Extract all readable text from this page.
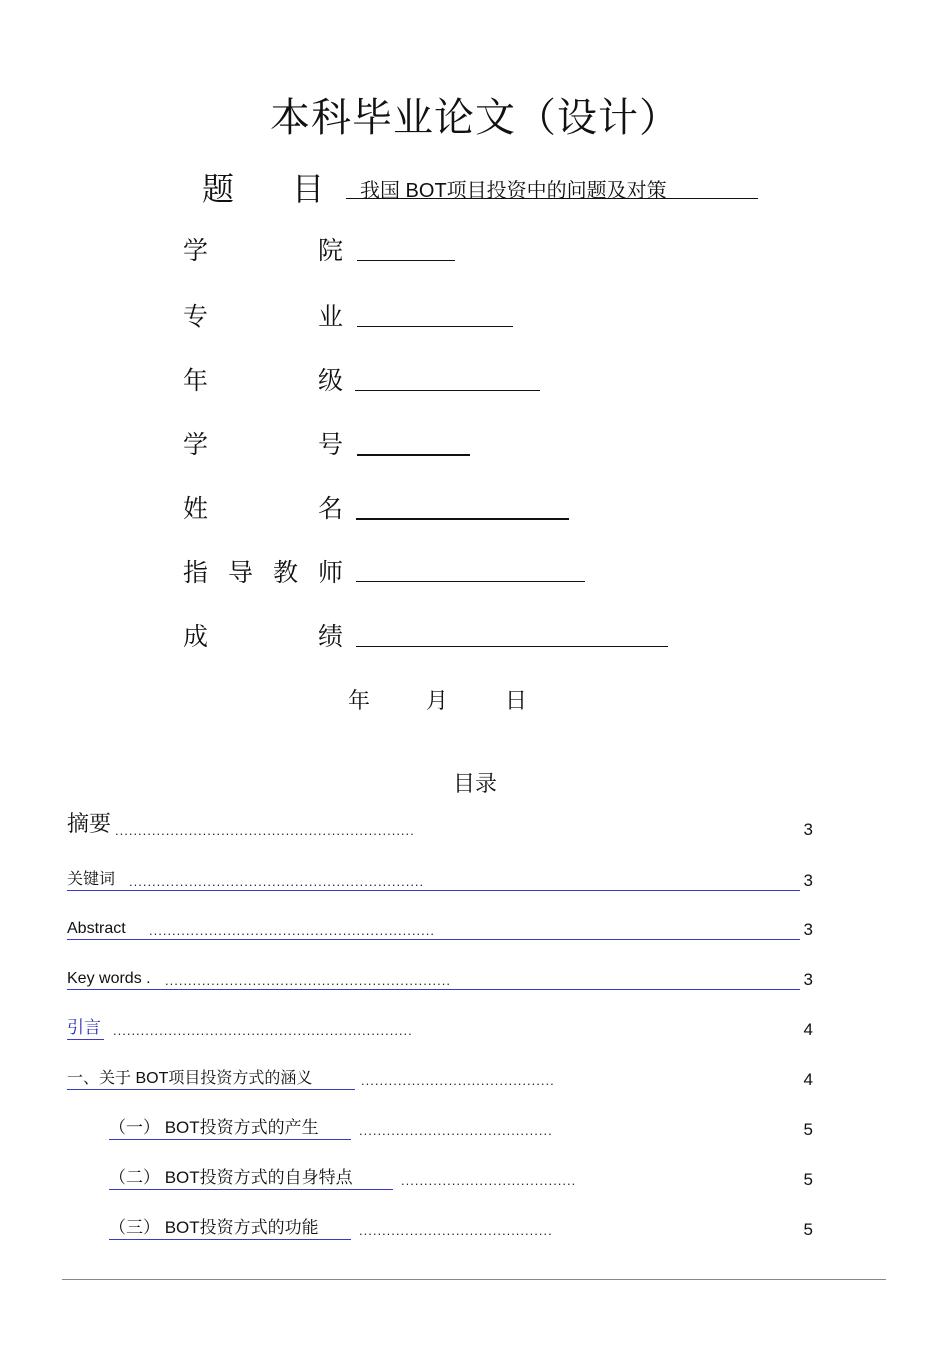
本科毕业论文（设计）
题 目	我国 BOT项目投资中的问题及对策
学	院
专	业
年	级
学	号
姓	名
指 导 教 师
成	绩
年	月	日
目录
摘要 .................................................................	3
关键词 ................................................................	3
Abstract ..............................................................	3
Key words . ..............................................................	3
引言 .................................................................	4
一、关于 BOT项目投资方式的涵义	..........................................	4
（一） BOT投资方式的产生	..........................................	5
（二） BOT投资方式的自身特点	......................................	5
（三） BOT投资方式的功能	..........................................	5
